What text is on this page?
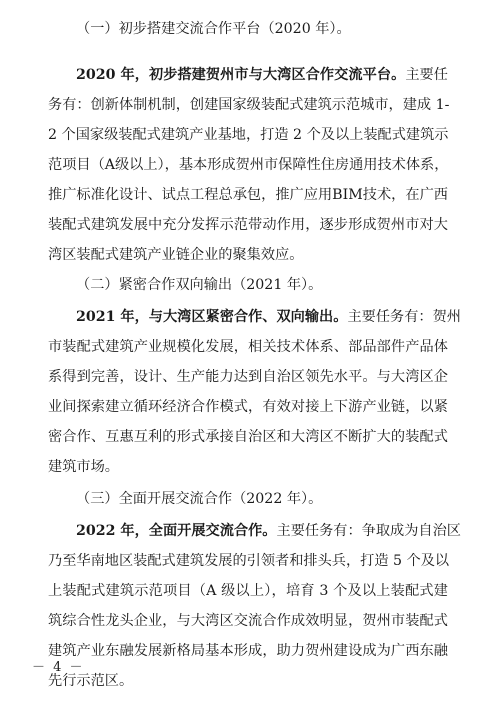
（一）初步搭建交流合作平台（2020 年）。
2020 年，初步搭建贺州市与大湾区合作交流平台。主要任
务有：创新体制机制，创建国家级装配式建筑示范城市，建成 1-
2 个国家级装配式建筑产业基地，打造 2 个及以上装配式建筑示
范项目（A级以上），基本形成贺州市保障性住房通用技术体系，
推广标准化设计、试点工程总承包，推广应用BIM技术，在广西
装配式建筑发展中充分发挥示范带动作用，逐步形成贺州市对大
湾区装配式建筑产业链企业的聚集效应。
（二）紧密合作双向输出（2021 年）。
2021 年，与大湾区紧密合作、双向输出。主要任务有：贺州
市装配式建筑产业规模化发展，相关技术体系、部品部件产品体
系得到完善，设计、生产能力达到自治区领先水平。与大湾区企
业间探索建立循环经济合作模式，有效对接上下游产业链，以紧
密合作、互惠互利的形式承接自治区和大湾区不断扩大的装配式
建筑市场。
（三）全面开展交流合作（2022 年）。
2022 年，全面开展交流合作。主要任务有：争取成为自治区
乃至华南地区装配式建筑发展的引领者和排头兵，打造 5 个及以
上装配式建筑示范项目（A 级以上），培育 3 个及以上装配式建
筑综合性龙头企业，与大湾区交流合作成效明显，贺州市装配式
建筑产业东融发展新格局基本形成，助力贺州建设成为广西东融
先行示范区。
－ 4 －
